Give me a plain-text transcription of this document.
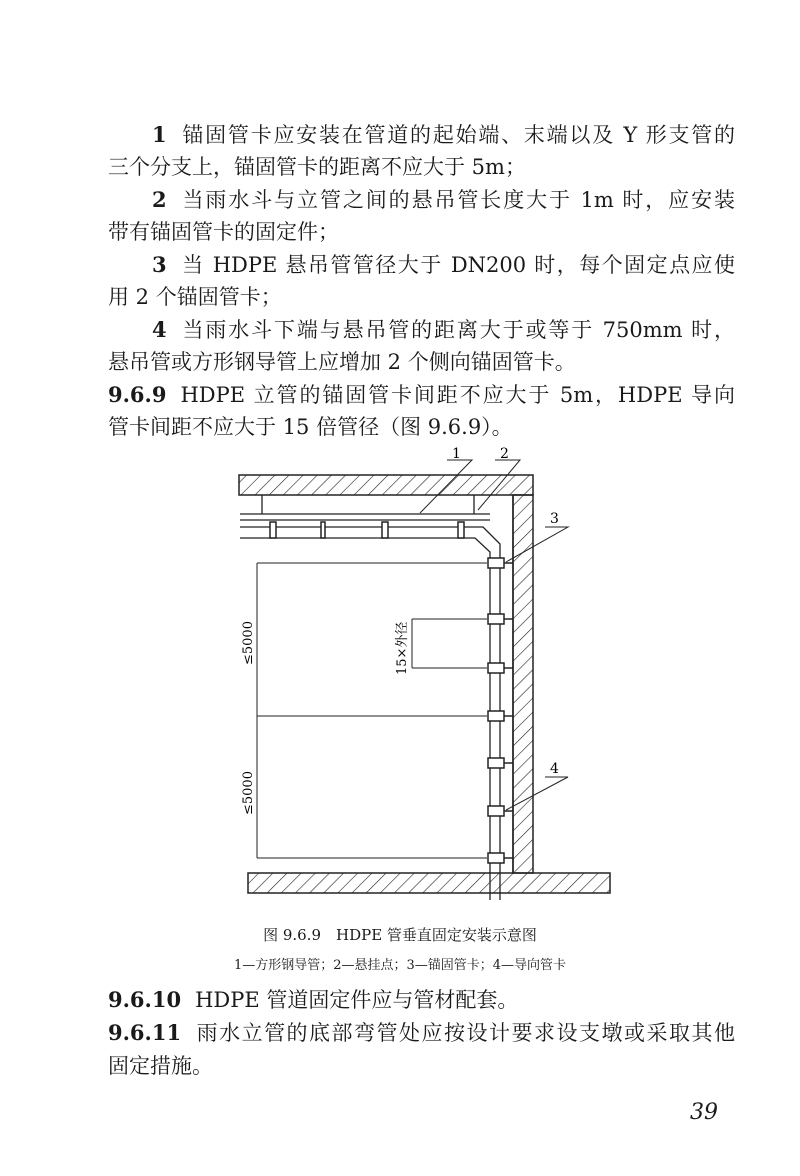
1 锚固管卡应安装在管道的起始端、末端以及 Y 形支管的
三个分支上，锚固管卡的距离不应大于 5m；
2 当雨水斗与立管之间的悬吊管长度大于 1m 时，应安装
带有锚固管卡的固定件；
3 当 HDPE 悬吊管管径大于 DN200 时，每个固定点应使
用 2 个锚固管卡；
4 当雨水斗下端与悬吊管的距离大于或等于 750mm 时，
悬吊管或方形钢导管上应增加 2 个侧向锚固管卡。
9.6.9 HDPE 立管的锚固管卡间距不应大于 5m，HDPE 导向
管卡间距不应大于 15 倍管径（图 9.6.9）。
1	2
3
4
≤5000
≤5000
15×外径
图 9.6.9　HDPE 管垂直固定安装示意图
1—方形钢导管；2—悬挂点；3—锚固管卡；4—导向管卡
9.6.10 HDPE 管道固定件应与管材配套。
9.6.11 雨水立管的底部弯管处应按设计要求设支墩或采取其他
固定措施。
39
